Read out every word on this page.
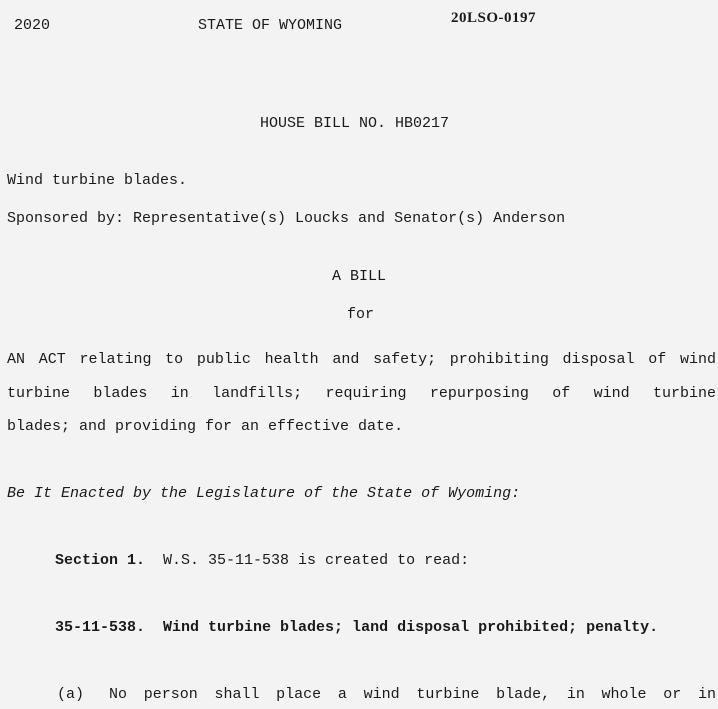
2020	STATE OF WYOMING	20LSO-0197
HOUSE BILL NO. HB0217
Wind turbine blades.
Sponsored by: Representative(s) Loucks and Senator(s) Anderson
A BILL
for
AN ACT relating to public health and safety; prohibiting disposal of wind
turbine blades in landfills; requiring repurposing of wind turbine
blades; and providing for an effective date.
Be It Enacted by the Legislature of the State of Wyoming:
Section 1. W.S. 35-11-538 is created to read:
35-11-538. Wind turbine blades; land disposal prohibited; penalty.
(a) No person shall place a wind turbine blade, in whole or in
